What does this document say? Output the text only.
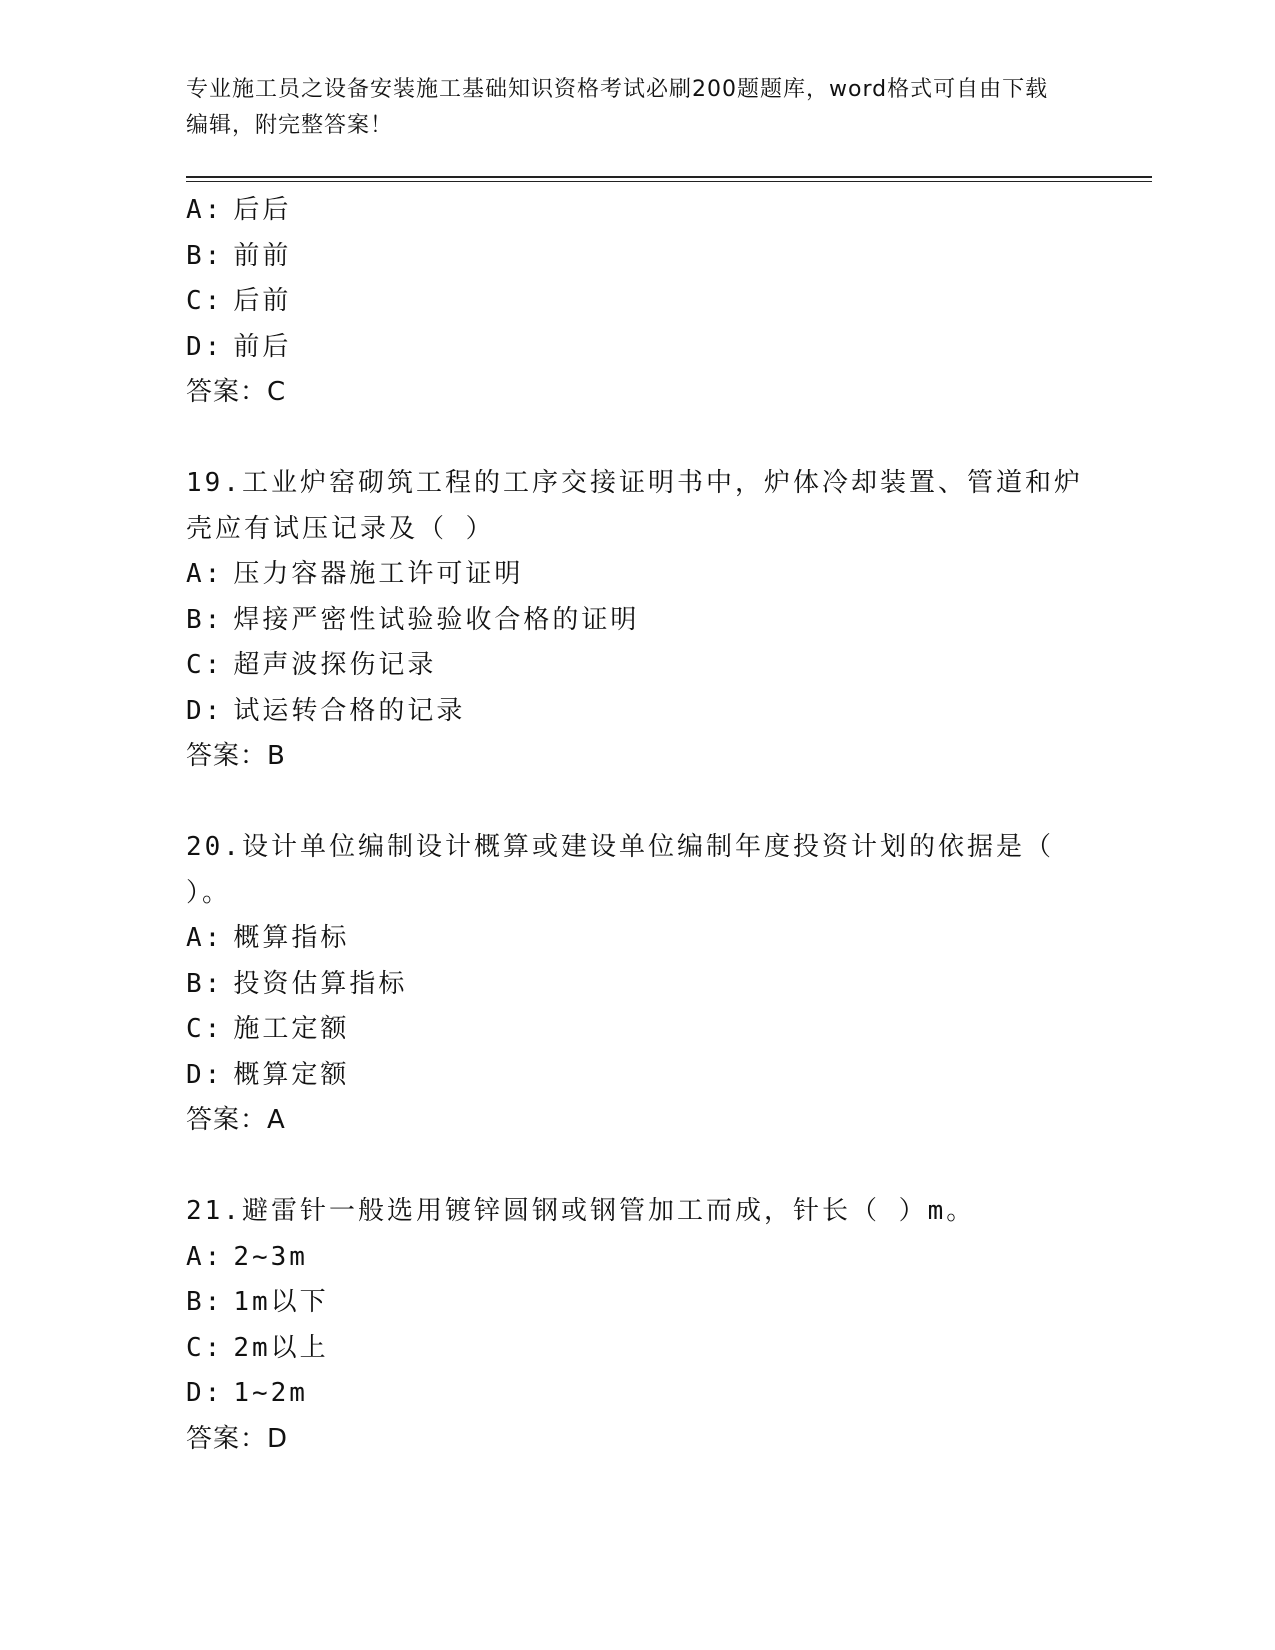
专业施工员之设备安装施工基础知识资格考试必刷200题题库，word格式可自由下载编辑，附完整答案！
A: 后后
B: 前前
C: 后前
D: 前后
答案：C
19.工业炉窑砌筑工程的工序交接证明书中，炉体冷却装置、管道和炉
壳应有试压记录及（ ）
A: 压力容器施工许可证明
B: 焊接严密性试验验收合格的证明
C: 超声波探伤记录
D: 试运转合格的记录
答案：B
20.设计单位编制设计概算或建设单位编制年度投资计划的依据是（
）。
A: 概算指标
B: 投资估算指标
C: 施工定额
D: 概算定额
答案：A
21.避雷针一般选用镀锌圆钢或钢管加工而成，针长（ ）m。
A: 2~3m
B: 1m以下
C: 2m以上
D: 1~2m
答案：D
